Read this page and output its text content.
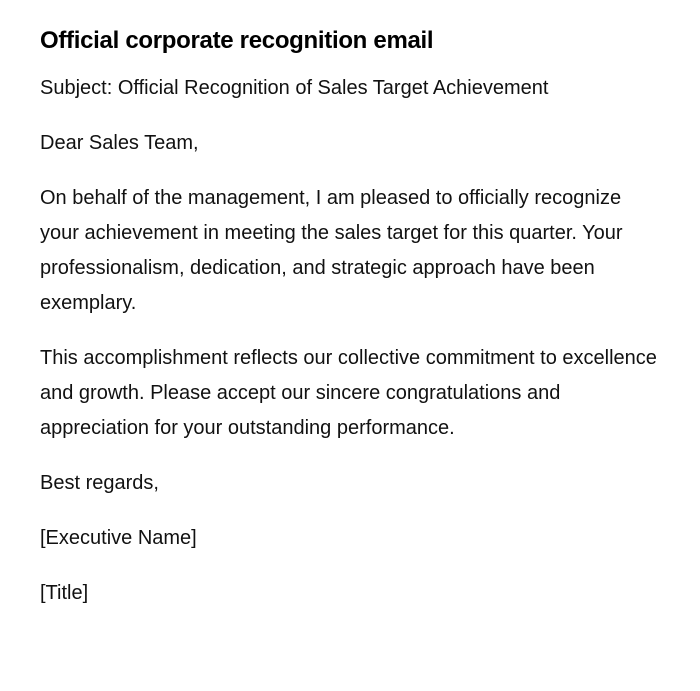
Official corporate recognition email

Subject: Official Recognition of Sales Target Achievement

Dear Sales Team,

On behalf of the management, I am pleased to officially recognize your achievement in meeting the sales target for this quarter. Your professionalism, dedication, and strategic approach have been exemplary.

This accomplishment reflects our collective commitment to excellence and growth. Please accept our sincere congratulations and appreciation for your outstanding performance.

Best regards,

[Executive Name]

[Title]
